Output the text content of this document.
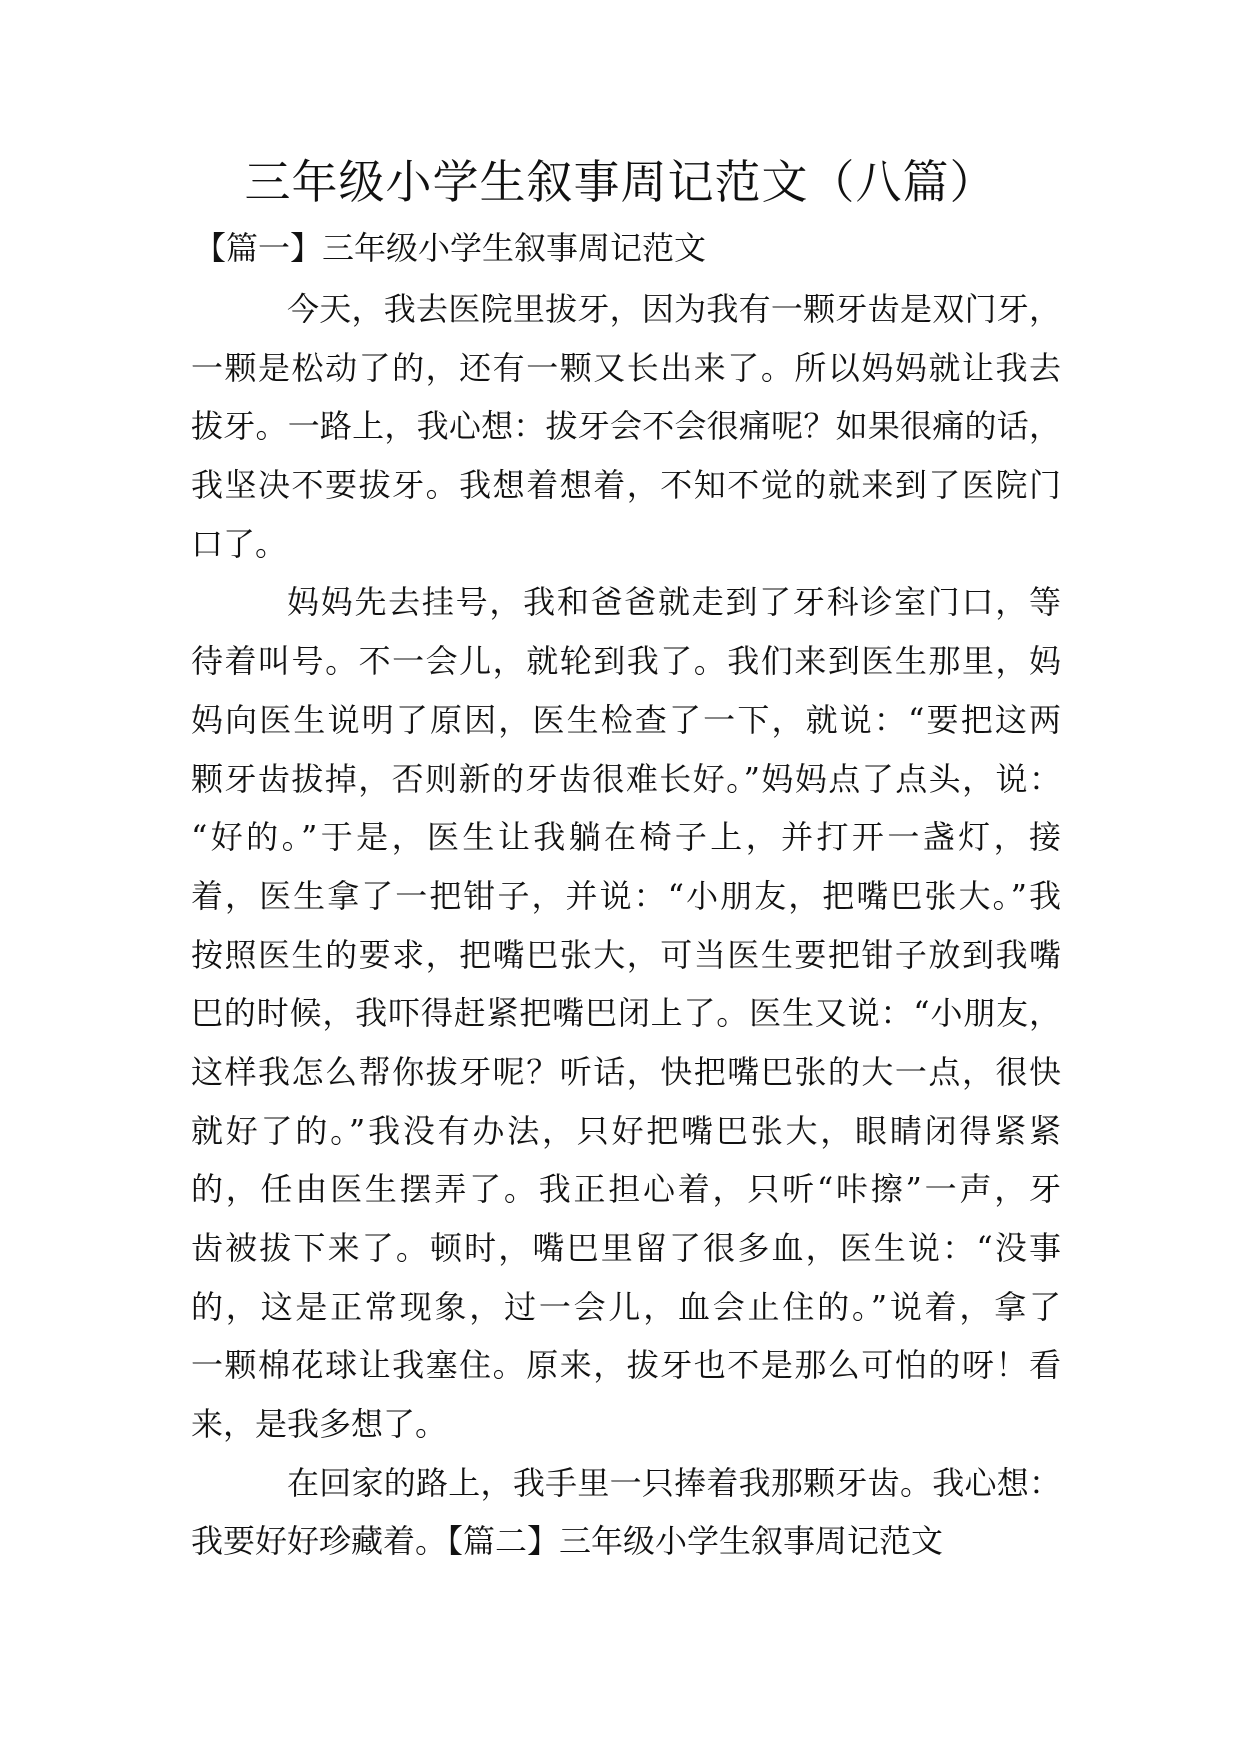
三年级小学生叙事周记范文（八篇）
【篇一】三年级小学生叙事周记范文
今天，我去医院里拔牙，因为我有一颗牙齿是双门牙，
一颗是松动了的，还有一颗又长出来了。所以妈妈就让我去
拔牙。一路上，我心想：拔牙会不会很痛呢？如果很痛的话，
我坚决不要拔牙。我想着想着，不知不觉的就来到了医院门
口了。
妈妈先去挂号，我和爸爸就走到了牙科诊室门口，等
待着叫号。不一会儿，就轮到我了。我们来到医生那里，妈
妈向医生说明了原因，医生检查了一下，就说：“要把这两
颗牙齿拔掉，否则新的牙齿很难长好。”妈妈点了点头，说：
“好的。”于是，医生让我躺在椅子上，并打开一盏灯，接
着，医生拿了一把钳子，并说：“小朋友，把嘴巴张大。”我
按照医生的要求，把嘴巴张大，可当医生要把钳子放到我嘴
巴的时候，我吓得赶紧把嘴巴闭上了。医生又说：“小朋友，
这样我怎么帮你拔牙呢？听话，快把嘴巴张的大一点，很快
就好了的。”我没有办法，只好把嘴巴张大，眼睛闭得紧紧
的，任由医生摆弄了。我正担心着，只听“咔擦”一声，牙
齿被拔下来了。顿时，嘴巴里留了很多血，医生说：“没事
的，这是正常现象，过一会儿，血会止住的。”说着，拿了
一颗棉花球让我塞住。原来，拔牙也不是那么可怕的呀！看
来，是我多想了。
在回家的路上，我手里一只捧着我那颗牙齿。我心想：
我要好好珍藏着。【篇二】三年级小学生叙事周记范文
